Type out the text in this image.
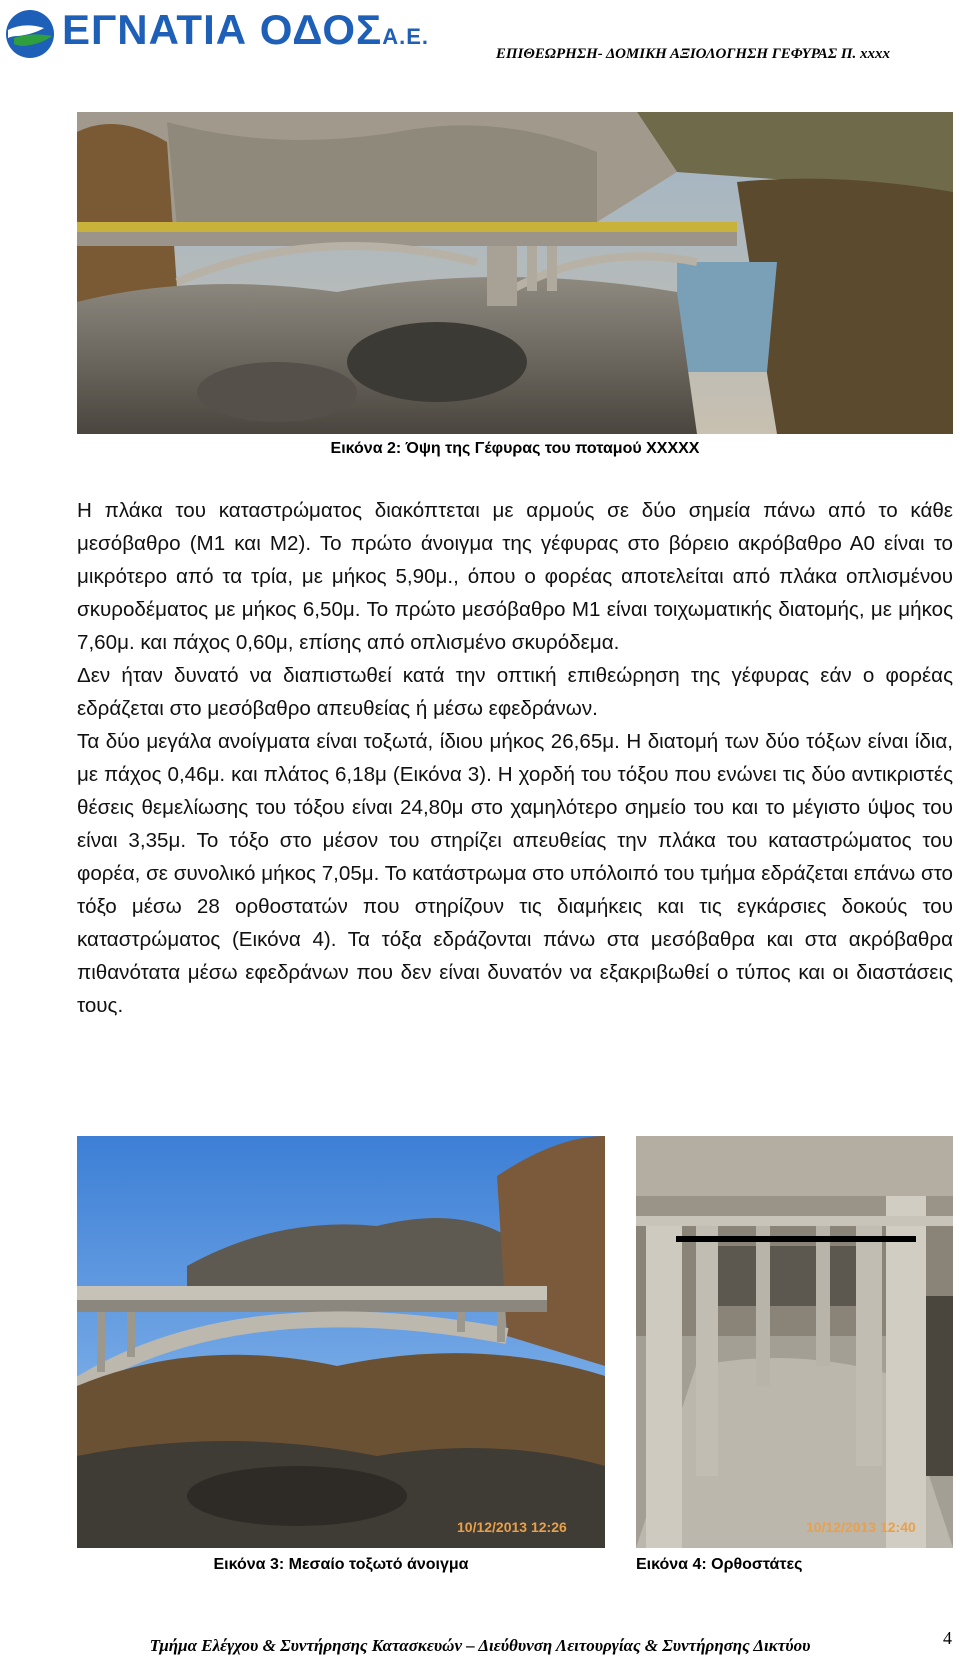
ΕΓΝΑΤΙΑ ΟΔΟΣΑ.Ε.
ΕΠΙΘΕΩΡΗΣΗ- ΔΟΜΙΚΗ ΑΞΙΟΛΟΓΗΣΗ ΓΕΦΥΡΑΣ Π. xxxx
Εικόνα 2: Όψη της Γέφυρας του ποταμού XXXXX

Η πλάκα του καταστρώματος διακόπτεται με αρμούς σε δύο σημεία πάνω από το κάθε μεσόβαθρο (Μ1 και Μ2). Το πρώτο άνοιγμα της γέφυρας στο βόρειο ακρόβαθρο Α0 είναι το μικρότερο από τα τρία, με μήκος 5,90μ., όπου ο φορέας αποτελείται από πλάκα οπλισμένου σκυροδέματος με μήκος 6,50μ. Το πρώτο μεσόβαθρο Μ1 είναι τοιχωματικής διατομής, με μήκος 7,60μ. και πάχος 0,60μ, επίσης από οπλισμένο σκυρόδεμα.

Δεν ήταν δυνατό να διαπιστωθεί κατά την οπτική επιθεώρηση της γέφυρας εάν ο φορέας εδράζεται στο μεσόβαθρο απευθείας ή μέσω εφεδράνων.

Τα δύο μεγάλα ανοίγματα είναι τοξωτά, ίδιου μήκος 26,65μ. Η διατομή των δύο τόξων είναι ίδια, με πάχος 0,46μ. και πλάτος 6,18μ (Εικόνα 3). Η χορδή του τόξου που ενώνει τις δύο αντικριστές θέσεις θεμελίωσης του τόξου είναι 24,80μ στο χαμηλότερο σημείο του και το μέγιστο ύψος του είναι 3,35μ. Το τόξο στο μέσον του στηρίζει απευθείας την πλάκα του καταστρώματος του φορέα, σε συνολικό μήκος 7,05μ. Το κατάστρωμα στο υπόλοιπό του τμήμα εδράζεται επάνω στο τόξο μέσω 28 ορθοστατών που στηρίζουν τις διαμήκεις και τις εγκάρσιες δοκούς του καταστρώματος (Εικόνα 4). Τα τόξα εδράζονται πάνω στα μεσόβαθρα και στα ακρόβαθρα πιθανότατα μέσω εφεδράνων που δεν είναι δυνατόν να εξακριβωθεί ο τύπος και οι διαστάσεις τους.

10/12/2013 12:26
Εικόνα 3: Μεσαίο τοξωτό άνοιγμα
10/12/2013 12:40
Εικόνα 4: Ορθοστάτες
Τμήμα Ελέγχου & Συντήρησης Κατασκευών – Διεύθυνση Λειτουργίας & Συντήρησης Δικτύου	4
